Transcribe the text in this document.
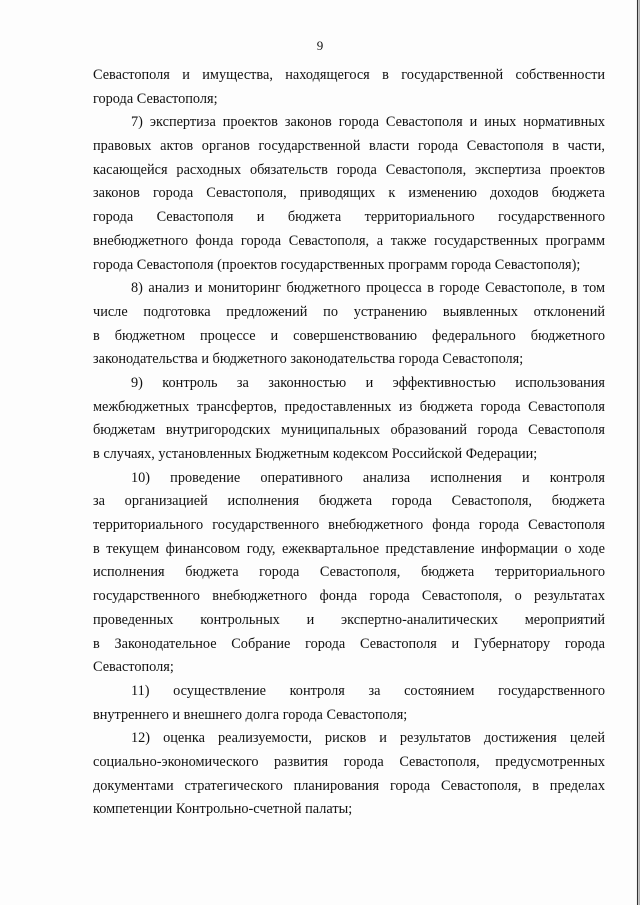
9
Севастополя и имущества, находящегося в государственной собственности
города Севастополя;
7) экспертиза проектов законов города Севастополя и иных нормативных
правовых актов органов государственной власти города Севастополя в части,
касающейся расходных обязательств города Севастополя, экспертиза проектов
законов города Севастополя, приводящих к изменению доходов бюджета
города Севастополя и бюджета территориального государственного
внебюджетного фонда города Севастополя, а также государственных программ
города Севастополя (проектов государственных программ города Севастополя);
8) анализ и мониторинг бюджетного процесса в городе Севастополе, в том
числе подготовка предложений по устранению выявленных отклонений
в бюджетном процессе и совершенствованию федерального бюджетного
законодательства и бюджетного законодательства города Севастополя;
9) контроль за законностью и эффективностью использования
межбюджетных трансфертов, предоставленных из бюджета города Севастополя
бюджетам внутригородских муниципальных образований города Севастополя
в случаях, установленных Бюджетным кодексом Российской Федерации;
10) проведение оперативного анализа исполнения и контроля
за организацией исполнения бюджета города Севастополя, бюджета
территориального государственного внебюджетного фонда города Севастополя
в текущем финансовом году, ежеквартальное представление информации о ходе
исполнения бюджета города Севастополя, бюджета территориального
государственного внебюджетного фонда города Севастополя, о результатах
проведенных контрольных и экспертно-аналитических мероприятий
в Законодательное Собрание города Севастополя и Губернатору города
Севастополя;
11) осуществление контроля за состоянием государственного
внутреннего и внешнего долга города Севастополя;
12) оценка реализуемости, рисков и результатов достижения целей
социально-экономического развития города Севастополя, предусмотренных
документами стратегического планирования города Севастополя, в пределах
компетенции Контрольно-счетной палаты;
